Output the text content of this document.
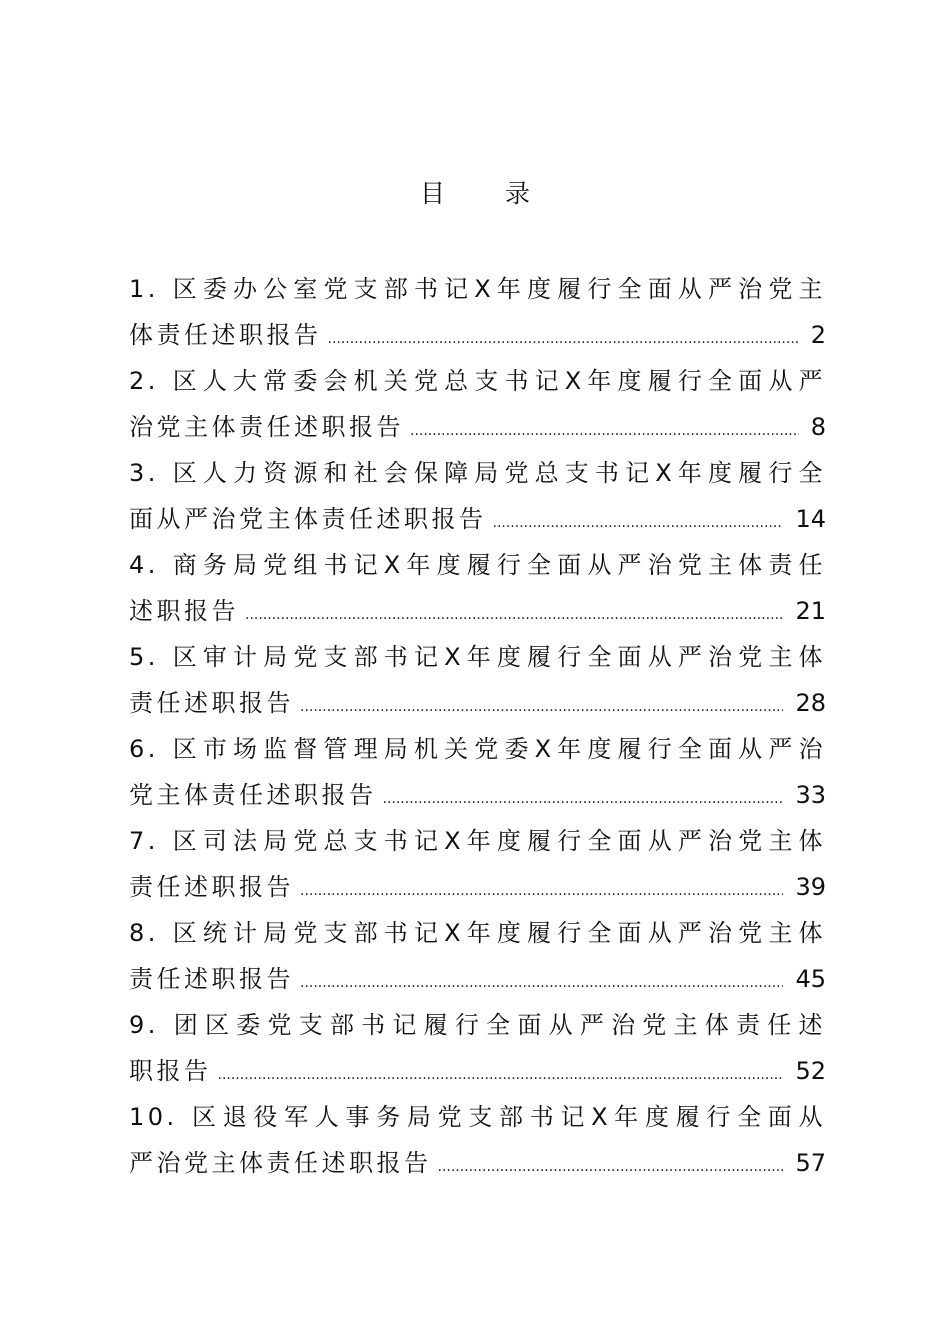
目 录
1. 区委办公室党支部书记X年度履行全面从严治党主
体责任述职报告 .....	2
2. 区人大常委会机关党总支书记X年度履行全面从严
治党主体责任述职报告 .....	8
3. 区人力资源和社会保障局党总支书记X年度履行全
面从严治党主体责任述职报告 .....	14
4. 商务局党组书记X年度履行全面从严治党主体责任
述职报告 .....	21
5. 区审计局党支部书记X年度履行全面从严治党主体
责任述职报告 .....	28
6. 区市场监督管理局机关党委X年度履行全面从严治
党主体责任述职报告 .....	33
7. 区司法局党总支书记X年度履行全面从严治党主体
责任述职报告 .....	39
8. 区统计局党支部书记X年度履行全面从严治党主体
责任述职报告 .....	45
9. 团区委党支部书记履行全面从严治党主体责任述
职报告 .....	52
10. 区退役军人事务局党支部书记X年度履行全面从
严治党主体责任述职报告 .....	57
